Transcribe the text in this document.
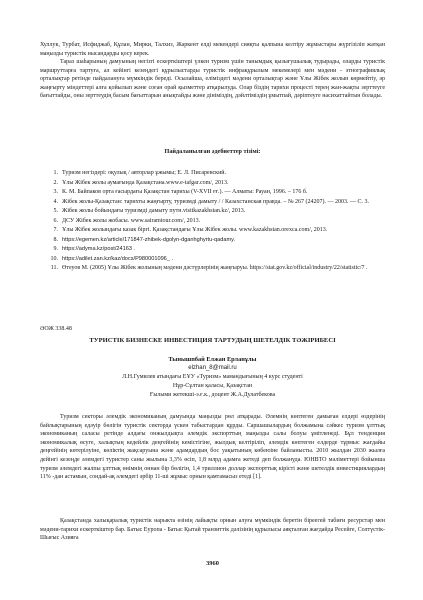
Хуллук, Турбат, Исфиджаб, Құлан, Мирки, Талхиз, Жаркент елді мекендері сияқты қалпына келтіру жұмыстары жүргізіліп жатқан маңызды туристік нысандарды қосу керек.
Тараз шаһарының дамуының негізгі ескерткіштері үлкен туризм үшін танымдық қызығушылық тудырады, оларды туристік маршруттарға тартуға, ал кейінгі кезеңдегі құрылыстарды туристік инфрақұрылым мекемелері мен мәдени - этнографиялық орталықтар ретінде пайдалануға мүмкіндік береді. Осылайша, еліміздегі мәдени орталықтар және Ұлы Жібек жолын көрмейтіу, әр жаңғырту міндеттері алға қойылып және соған орай қызметтер атқарылуда. Олар біздің тарихи процесті терең жан-жақты зерттеуге бағыттайды, оны зерттеудің басым бағыттарын анықтайды және дініміздің, дәйлтіміздің ұмытпай, дәріптеуге насихаттайтын болады.
Пайдаланылған әдебиеттер тізімі:
1. Туризм негіздері: оқулық / авторлар ұжымы; Е. Л. Писаревский.
2. Ұлы Жібек жолы аумағында Қазақстана.www.e-tafgar.com/, 2013.
3. К. М. Байпаков орта ғасырдағы Қазақстан тарихы (V-XVII ғғ.). — Алматы: Рауан, 1996. – 176 б.
4. Жібек жолы-Қазақстан: тарихты жаңғырту, туризмді дамыту / / Казахстанская правда. – № 267 (24207). — 2003. — С. 3.
5. Жібек жолы бойындағы туризмді дамыту путн.visitkazakhstan.kz/, 2013.
6. ДСУ Жібек жолы жобасы. www.sairamtour.com/, 2013.
7. Ұлы Жібек жолындағы казак біргі. Қазақстандағы Ұлы Жібек жолы. www.kazakhstan.orexca.com/, 2013.
8. https://egemen.kz/article/171847-zhibek-dgolyn-dganhghyrtu-qadamy.
9. https://adyma.kz/post/24163 .
10. https://adilet.zan.kz/kaz/docs/P980001096_ .
11. Өтеуов М. (2005) Ұлы Жібек жолының мәдени дәстүрлерінің жаңғыруы. https://stat.gov.kz/official/industry/22/statistic/7 .
ӘОЖ 338.48
ТУРИСТІК БИЗНЕСКЕ ИНВЕСТИЦИЯ ТАРТУДЫҢ ШЕТЕЛДІК ТӘЖІРИБЕСІ
Тынышпбай Елжан Ерланұлы
elzhan_8@mail.ru
Л.Н.Гумилев атындағы ЕҰУ «Туризм» мамандығының 4 курс студенті
Нұр-Сұлтан қаласы, Қазақстан
Ғылыми жетекші-э.ғ.к., доцент Ж.А.Дулатбекова
Туризм секторы әлемдік экономиканың дамуында маңызды рөл атқарады. Әлемнің көптеген дамыған елдері өздерінің байлықтарының едәуір бөлігін туристік секторда үскен табыстардан құрды. Саршашылардың болжамына сәйкес туризм ұлттық экономиканың саласы ретінде алдағы онжылдықта әлемдік экспорттың маңызды салы болуы ұмітленеді. Бұл тенденция экономикалық өсуге, халықтың кедейлік деңгейінің кемістігіне, жылдық келтіріліп, әлемдік көптеген елдерде тұрмыс жағдайы деңгейінің көтерілуіне, көліктің жақсаруына және адамдардың бос уақытының көбеюіне байланысты. 2010 жылдан 2030 жылға дейінгі кезеңде әлемдегі туристер саны жылына 3,3% өсіп, 1,8 млрд адамға жетеді деп болжануда. ЮНВТО мәліметтері бойынша туризм әлемдегі жалпы ұлттық өнімнің оннан бір бөлігін, 1,4 триллион доллар экспорттық кірісті және шетелдік инвестициялардың 11% -дан астамын, сондай-ақ әлемдегі әрбір 11-ші жұмыс орнын қамтамасыз етеді [1].
Қазақстанда халықаралық туристік нарыкта өзінің лайықты орнын алуға мүмкіндік беретін біреегей табиғи ресурстар мен мәдени-тарихи ескерткіштер бар. Батыс Еуропа - Батыс Қытай транзиттік дәлізінің құрылысы аяқталған жағдайда Ресейге, Солтүстік-Шығыс Азияға
3960
